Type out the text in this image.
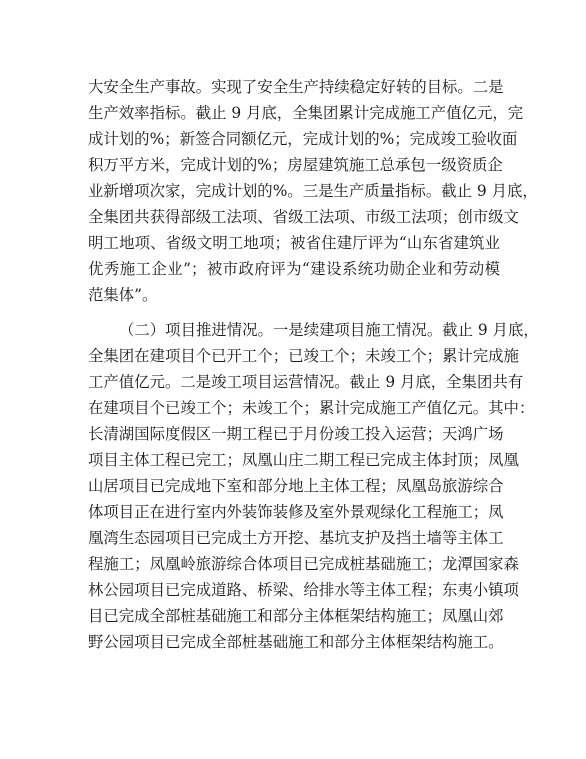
大安全生产事故。实现了安全生产持续稳定好转的目标。二是
生产效率指标。截止 9 月底，全集团累计完成施工产值亿元，完
成计划的%；新签合同额亿元，完成计划的%；完成竣工验收面
积万平方米，完成计划的%；房屋建筑施工总承包一级资质企
业新增项次家，完成计划的%。三是生产质量指标。截止 9 月底，
全集团共获得部级工法项、省级工法项、市级工法项；创市级文
明工地项、省级文明工地项；被省住建厅评为“山东省建筑业
优秀施工企业”；被市政府评为“建设系统功勋企业和劳动模
范集体”。
（二）项目推进情况。一是续建项目施工情况。截止 9 月底，
全集团在建项目个已开工个；已竣工个；未竣工个；累计完成施
工产值亿元。二是竣工项目运营情况。截止 9 月底，全集团共有
在建项目个已竣工个；未竣工个；累计完成施工产值亿元。其中：
长清湖国际度假区一期工程已于月份竣工投入运营；天鸿广场
项目主体工程已完工；凤凰山庄二期工程已完成主体封顶；凤凰
山居项目已完成地下室和部分地上主体工程；凤凰岛旅游综合
体项目正在进行室内外装饰装修及室外景观绿化工程施工；凤
凰湾生态园项目已完成土方开挖、基坑支护及挡土墙等主体工
程施工；凤凰岭旅游综合体项目已完成桩基础施工；龙潭国家森
林公园项目已完成道路、桥梁、给排水等主体工程；东夷小镇项
目已完成全部桩基础施工和部分主体框架结构施工；凤凰山郊
野公园项目已完成全部桩基础施工和部分主体框架结构施工。
